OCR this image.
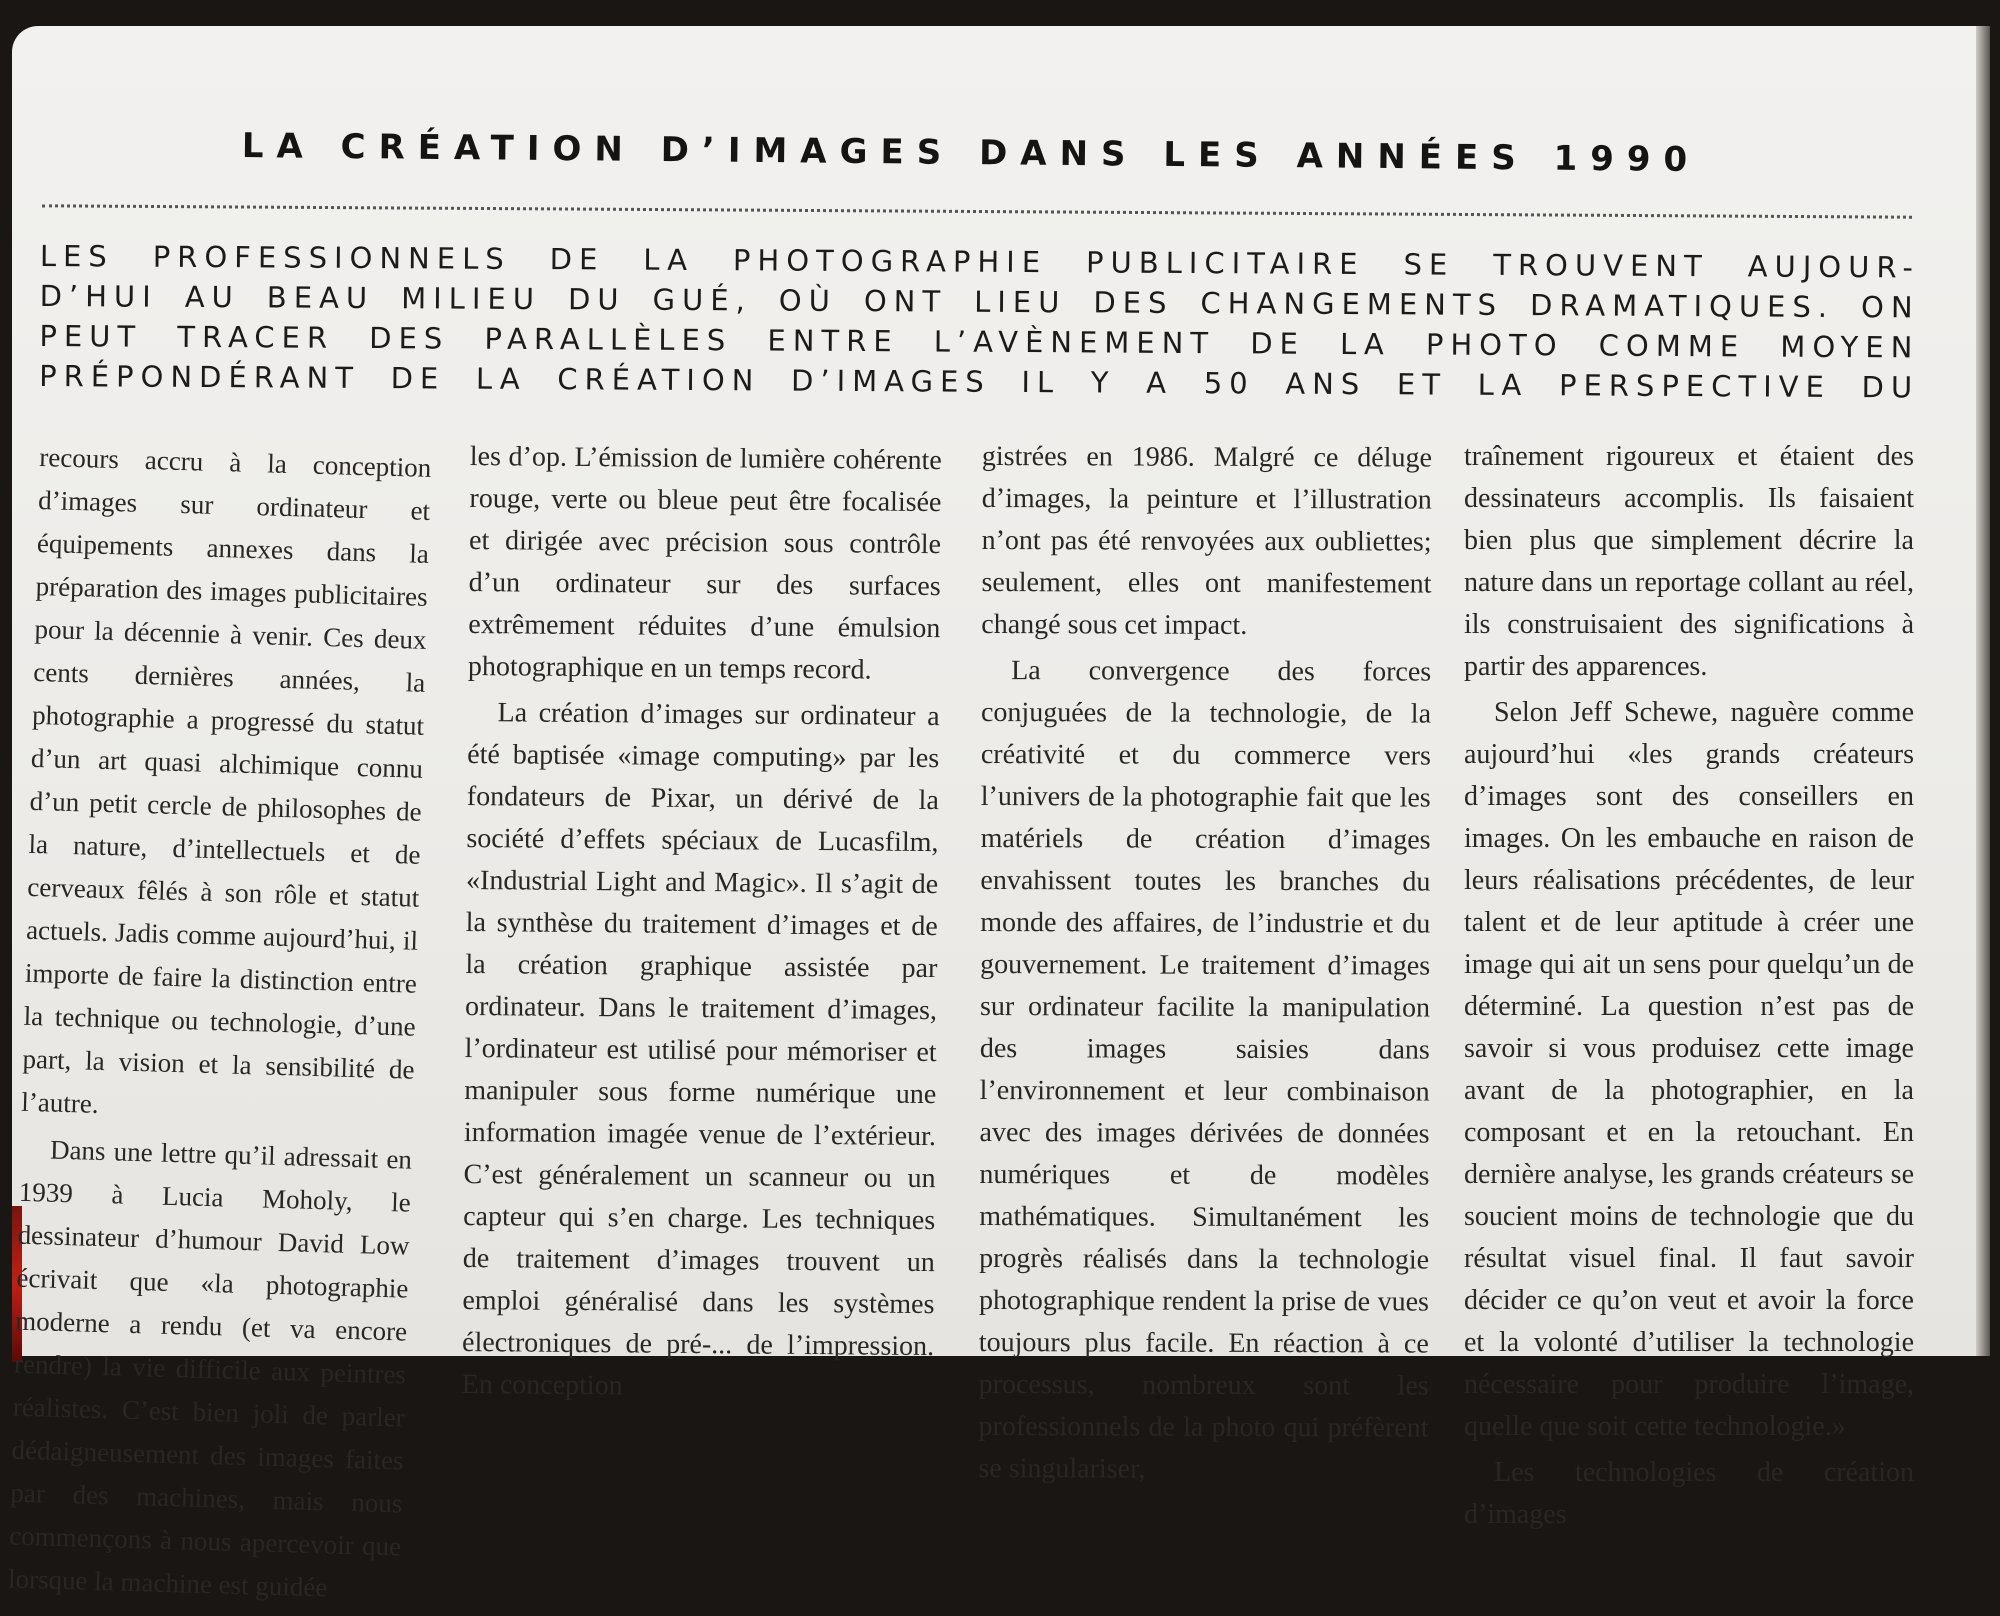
LA CRÉATION D’IMAGES DANS LES ANNÉES 1990
LES PROFESSIONNELS DE LA PHOTOGRAPHIE PUBLICITAIRE SE TROUVENT AUJOUR-
D’HUI AU BEAU MILIEU DU GUÉ, OÙ ONT LIEU DES CHANGEMENTS DRAMATIQUES. ON
PEUT TRACER DES PARALLÈLES ENTRE L’AVÈNEMENT DE LA PHOTO COMME MOYEN
PRÉPONDÉRANT DE LA CRÉATION D’IMAGES IL Y A 50 ANS ET LA PERSPECTIVE DU

recours accru à la conception d’images sur ordinateur et équipements annexes dans la préparation des images publicitaires pour la décennie à venir. Ces deux cents dernières années, la photographie a progressé du statut d’un art quasi alchimique connu d’un petit cercle de philosophes de la nature, d’intellectuels et de cerveaux fêlés à son rôle et statut actuels. Jadis comme aujourd’hui, il importe de faire la distinction entre la technique ou technologie, d’une part, la vision et la sensibilité de l’autre.

Dans une lettre qu’il adressait en 1939 à Lucia Moholy, le dessinateur d’humour David Low écrivait que «la photographie moderne a rendu (et va encore rendre) la vie difficile aux peintres réalistes. C’est bien joli de parler dédaigneusement des images faites par des machines, mais nous commençons à nous apercevoir que lorsque la machine est guidée

les d’op. L’émission de lumière cohérente rouge, verte ou bleue peut être focalisée et dirigée avec précision sous contrôle d’un ordinateur sur des surfaces extrêmement réduites d’une émulsion photographique en un temps record.

La création d’images sur ordinateur a été baptisée «image computing» par les fondateurs de Pixar, un dérivé de la société d’effets spéciaux de Lucasfilm, «Industrial Light and Magic». Il s’agit de la synthèse du traitement d’images et de la création graphique assistée par ordinateur. Dans le traitement d’images, l’ordinateur est utilisé pour mémoriser et manipuler sous forme numérique une information imagée venue de l’extérieur. C’est généralement un scanneur ou un capteur qui s’en charge. Les techniques de traitement d’images trouvent un emploi généralisé dans les systèmes électroniques de pré-... de l’impression. En conception

gistrées en 1986. Malgré ce déluge d’images, la peinture et l’illustration n’ont pas été renvoyées aux oubliettes; seulement, elles ont manifestement changé sous cet impact.

La convergence des forces conjuguées de la technologie, de la créativité et du commerce vers l’univers de la photographie fait que les matériels de création d’images envahissent toutes les branches du monde des affaires, de l’industrie et du gouvernement. Le traitement d’images sur ordinateur facilite la manipulation des images saisies dans l’environnement et leur combinaison avec des images dérivées de données numériques et de modèles mathématiques. Simultanément les progrès réalisés dans la technologie photographique rendent la prise de vues toujours plus facile. En réaction à ce processus, nombreux sont les professionnels de la photo qui préfèrent se singulariser,

traînement rigoureux et étaient des dessinateurs accomplis. Ils faisaient bien plus que simplement décrire la nature dans un reportage collant au réel, ils construisaient des significations à partir des apparences.

Selon Jeff Schewe, naguère comme aujourd’hui «les grands créateurs d’images sont des conseillers en images. On les embauche en raison de leurs réalisations précédentes, de leur talent et de leur aptitude à créer une image qui ait un sens pour quelqu’un de déterminé. La question n’est pas de savoir si vous produisez cette image avant de la photographier, en la composant et en la retouchant. En dernière analyse, les grands créateurs se soucient moins de technologie que du résultat visuel final. Il faut savoir décider ce qu’on veut et avoir la force et la volonté d’utiliser la technologie nécessaire pour produire l’image, quelle que soit cette technologie.»

Les technologies de création d’images
